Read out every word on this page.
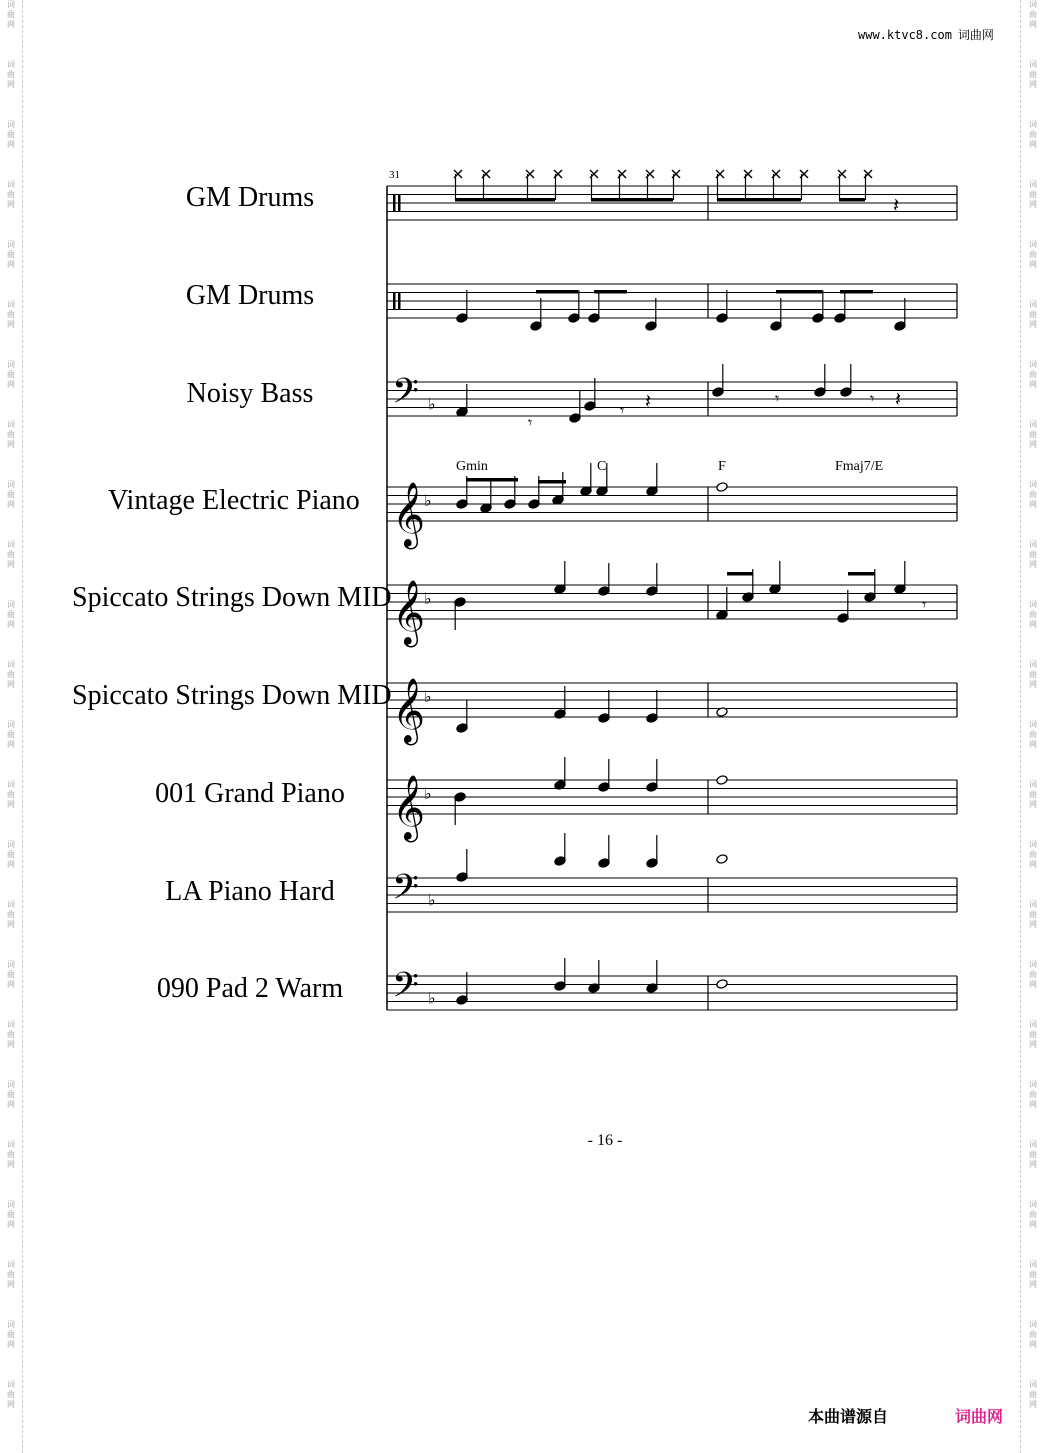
词
曲
网
词
曲
网
词
曲
网
词
曲
网
词
曲
网
词
曲
网
词
曲
网
词
曲
网
词
曲
网
词
曲
网
词
曲
网
词
曲
网
词
曲
网
词
曲
网
词
曲
网
词
曲
网
词
曲
网
词
曲
网
词
曲
网
词
曲
网
词
曲
网
词
曲
网
词
曲
网
词
曲
网
词
曲
网
词
曲
网
词
曲
网
词
曲
网
词
曲
网
词
曲
网
词
曲
网
词
曲
网
词
曲
网
词
曲
网
词
曲
网
词
曲
网
词
曲
网
词
曲
网
词
曲
网
词
曲
网
词
曲
网
词
曲
网
词
曲
网
词
曲
网
词
曲
网
词
曲
网
词
曲
网
词
曲
网
www.ktvc8.com 词曲网
GM Drums
GM Drums
Noisy Bass
Vintage Electric Piano
Spiccato Strings Down MID
Spiccato Strings Down MID
001 Grand Piano
LA Piano Hard
090 Pad 2 Warm
𝄢 ♭
𝄞
♭
𝄞
♭
𝄞
♭
𝄞
♭
𝄢 ♭
𝄢 ♭
𝄽
𝄾
𝄾 𝄽	𝄾	𝄾 𝄽
𝄾
31
Gmin	C	F	Fmaj7/E
- 16 -
本曲谱源自	词曲网
